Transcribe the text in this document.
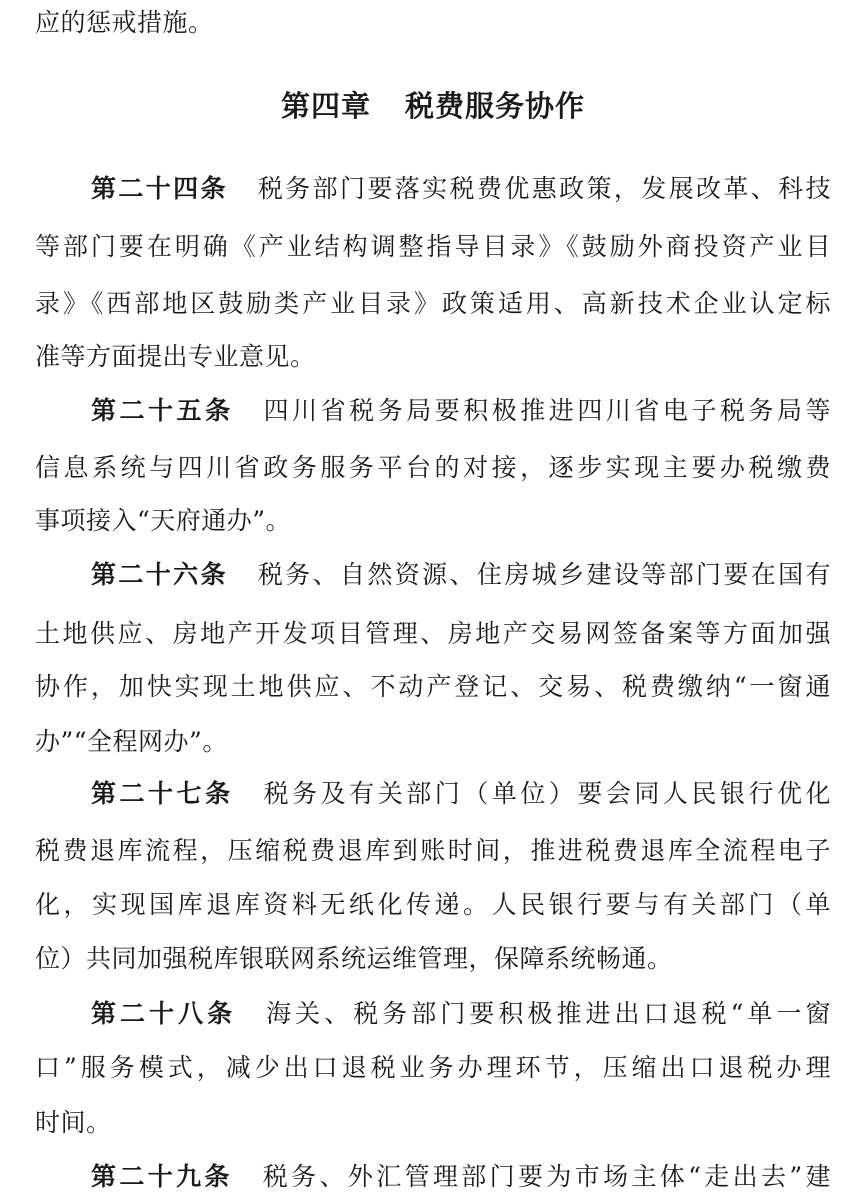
应的惩戒措施。
第四章 税费服务协作
第二十四条 税务部门要落实税费优惠政策，发展改革、科技
等部门要在明确《产业结构调整指导目录》《鼓励外商投资产业目
录》《西部地区鼓励类产业目录》政策适用、高新技术企业认定标
准等方面提出专业意见。
第二十五条 四川省税务局要积极推进四川省电子税务局等
信息系统与四川省政务服务平台的对接，逐步实现主要办税缴费
事项接入“天府通办”。
第二十六条 税务、自然资源、住房城乡建设等部门要在国有
土地供应、房地产开发项目管理、房地产交易网签备案等方面加强
协作，加快实现土地供应、不动产登记、交易、税费缴纳“一窗通
办”“全程网办”。
第二十七条 税务及有关部门（单位）要会同人民银行优化
税费退库流程，压缩税费退库到账时间，推进税费退库全流程电子
化，实现国库退库资料无纸化传递。人民银行要与有关部门（单
位）共同加强税库银联网系统运维管理，保障系统畅通。
第二十八条 海关、税务部门要积极推进出口退税“单一窗
口”服务模式，减少出口退税业务办理环节，压缩出口退税办理
时间。
第二十九条 税务、外汇管理部门要为市场主体“走出去”建
